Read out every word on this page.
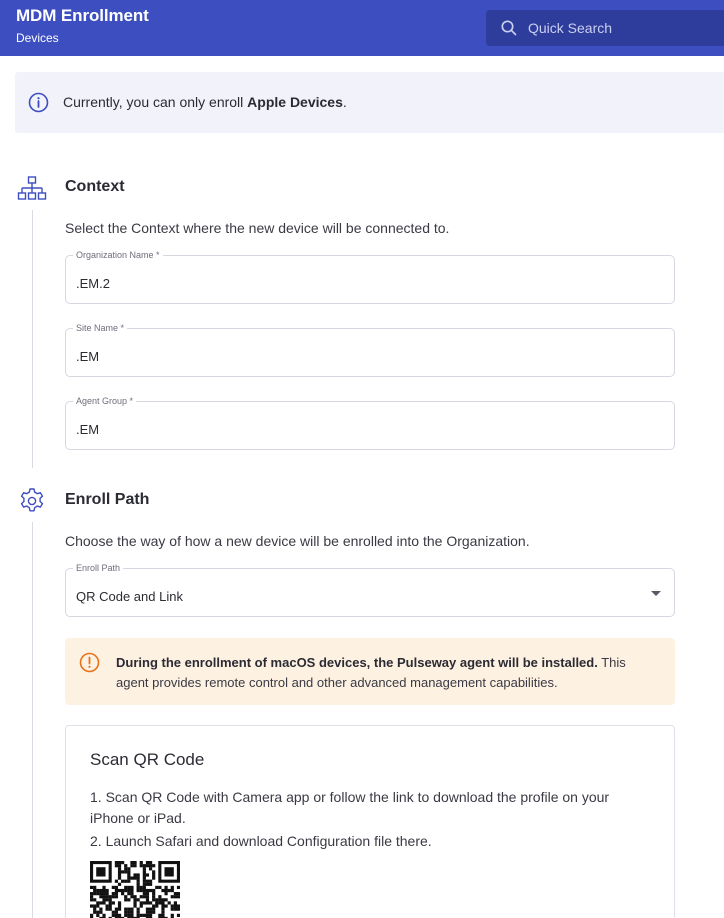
MDM Enrollment
Devices
Quick Search
Currently, you can only enroll Apple Devices.
Context
Select the Context where the new device will be connected to.
Organization Name *
.EM.2
Site Name *
.EM
Agent Group *
.EM
Enroll Path
Choose the way of how a new device will be enrolled into the Organization.
Enroll Path
QR Code and Link
During the enrollment of macOS devices, the Pulseway agent will be installed. This agent provides remote control and other advanced management capabilities.
Scan QR Code
1. Scan QR Code with Camera app or follow the link to download the profile on your iPhone or iPad.
2. Launch Safari and download Configuration file there.
